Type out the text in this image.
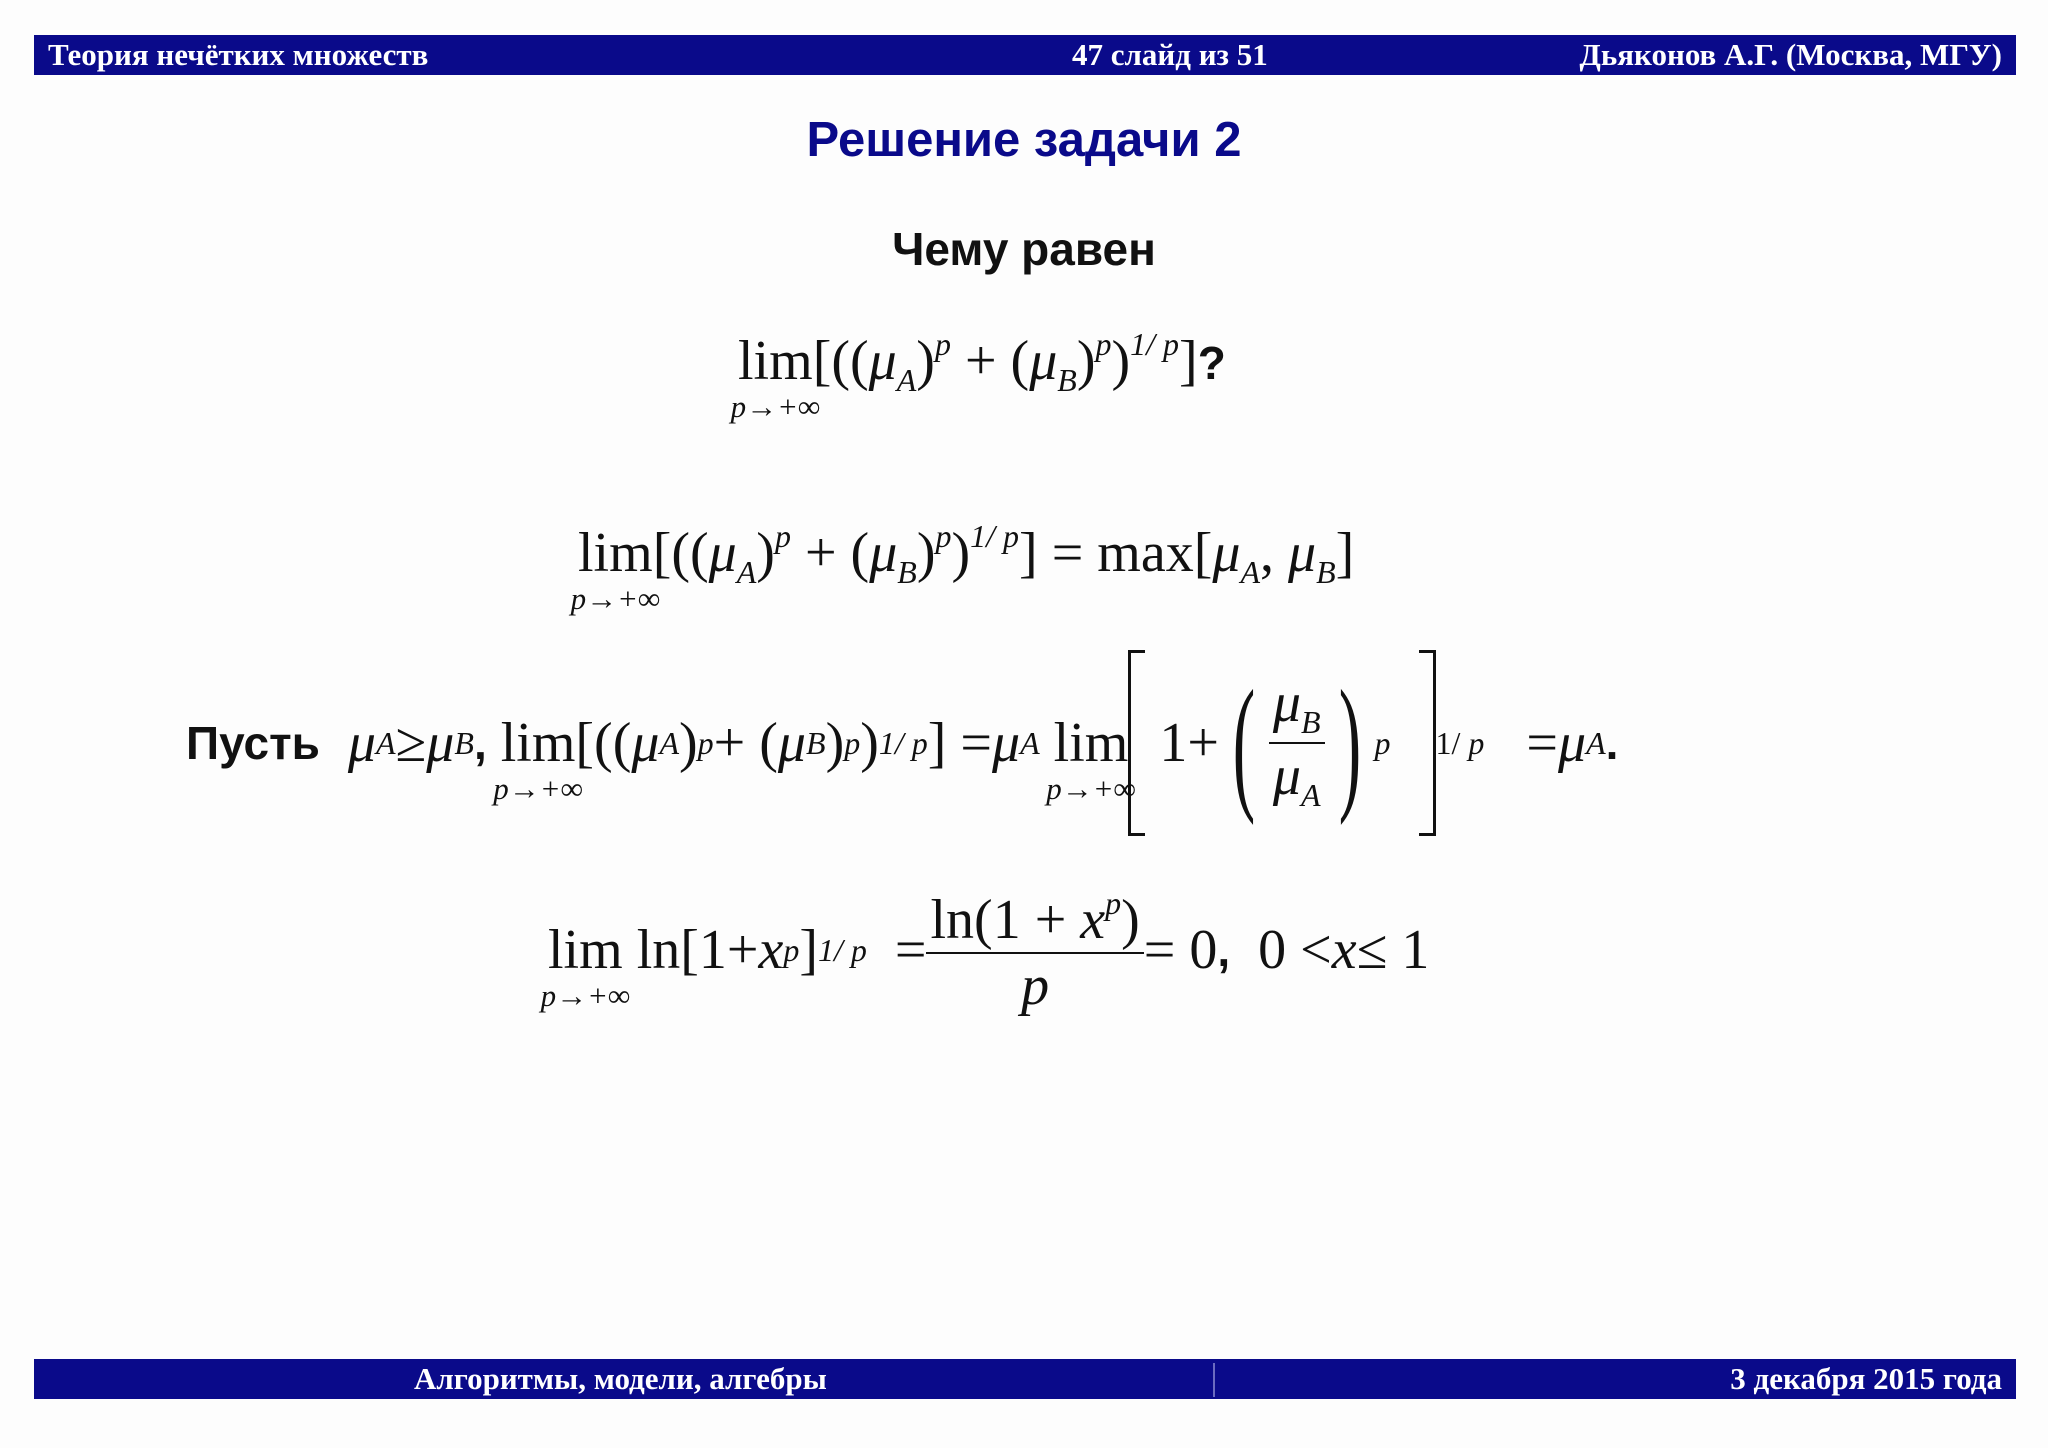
Теория нечётких множеств	47 слайд из 51	Дьяконов А.Г. (Москва, МГУ)
Решение задачи 2
Чему равен
lim
p→+∞
$[((\mu_A)^p + (\mu_B)^p)^{1/ p}]$?
lim
p→+∞
$[((\mu_A)^p + (\mu_B)^p)^{1/ p}] = \max[\mu_A$, $\mu_B$]
Пусть
μ A ≥ μ B ,
lim
p→+∞
[(( μ A ) p + ( μ B ) p ) 1/ p ] = μ A
lim
p→+∞
1+ ( $\frac{\mu_B}{\mu_A}$ ) p
1/ p = μ A .
lim
p→+∞
ln[1+ x p ] 1/ $p = \frac{\ln(1 + x^p)}{p} = 0$ , 0 < x ≤ 1
Алгоритмы, модели, алгебры	3 декабря 2015 года
